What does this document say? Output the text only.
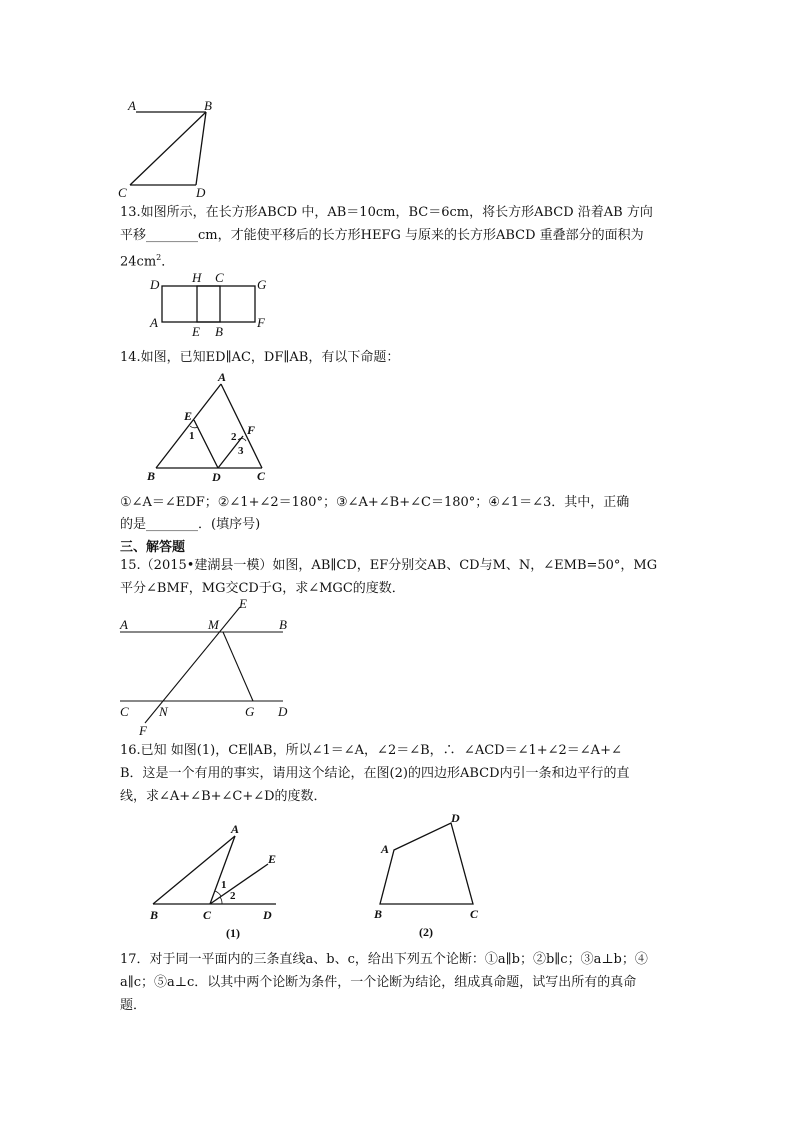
A	B
C	D
13.如图所示，在长方形ABCD 中，AB＝10cm，BC＝6cm，将长方形ABCD 沿着AB 方向
平移________cm，才能使平移后的长方形HEFG 与原来的长方形ABCD 重叠部分的面积为
$24cm^2$．
D	H C	G
A
E B
F
14.如图，已知ED∥AC，DF∥AB，有以下命题：
A
E
1	2 F
3
B	D	C
①∠A＝∠EDF；②∠1+∠2＝180°；③∠A+∠B+∠C＝180°；④∠1＝∠3．其中，正确
的是________．(填序号)
三、解答题
15.（2015•建湖县一模）如图，AB∥CD，EF分别交AB、CD与M、N，∠EMB=50°，MG
平分∠BMF，MG交CD于G，求∠MGC的度数．
E
A	M	B
C N	G D
F
16.已知 如图(1)，CE∥AB，所以∠1＝∠A，∠2＝∠B，∴  ∠ACD＝∠1+∠2＝∠A+∠
B．这是一个有用的事实，请用这个结论，在图(2)的四边形ABCD内引一条和边平行的直
线，求∠A+∠B+∠C+∠D的度数．
A
E
1
2
B	C	D
(1)
D
A
B	C
(2)
17．对于同一平面内的三条直线a、b、c，给出下列五个论断：①a∥b；②b∥c；③a⊥b；④
a∥c；⑤a⊥c．以其中两个论断为条件，一个论断为结论，组成真命题，试写出所有的真命
题．
